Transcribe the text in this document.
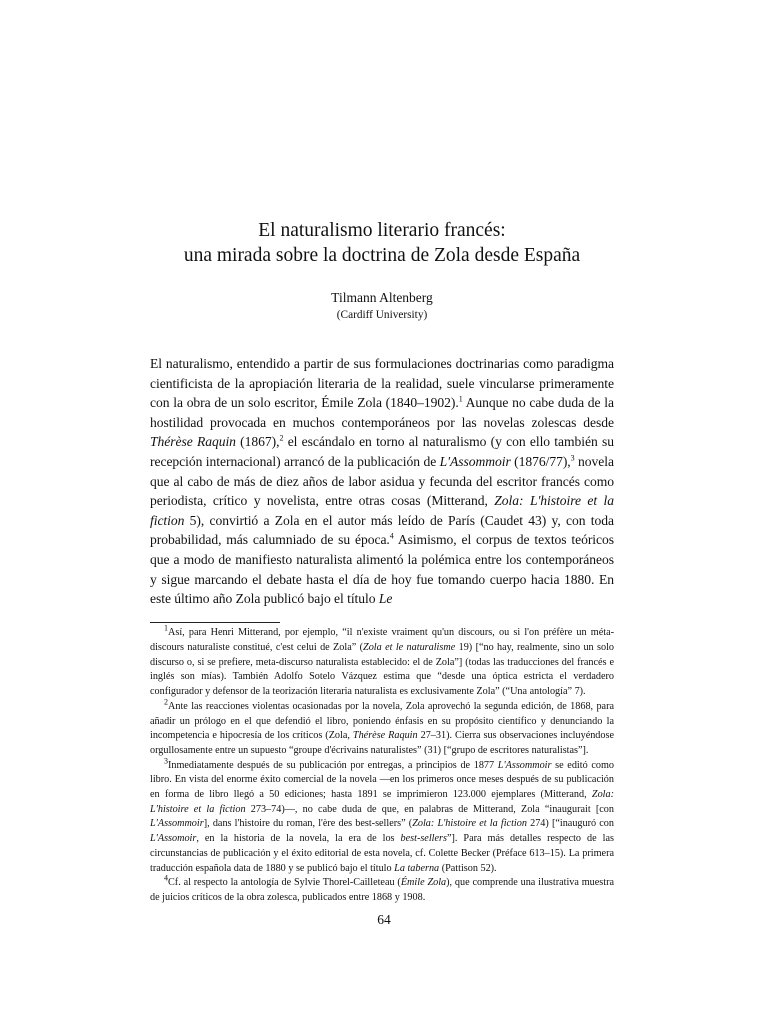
El naturalismo literario francés:
una mirada sobre la doctrina de Zola desde España
Tilmann Altenberg
(Cardiff University)

El naturalismo, entendido a partir de sus formulaciones doctrinarias como paradigma cientificista de la apropiación literaria de la realidad, suele vincularse primeramente con la obra de un solo escritor, Émile Zola (1840–1902).$^1$ Aunque no cabe duda de la hostilidad provocada en muchos contemporáneos por las novelas zolescas desde Thérèse Raquin (1867),$^2$ el escándalo en torno al naturalismo (y con ello también su recepción internacional) arrancó de la publicación de L'Assommoir (1876/77),$^3$ novela que al cabo de más de diez años de labor asidua y fecunda del escritor francés como periodista, crítico y novelista, entre otras cosas (Mitterand, Zola: L'histoire et la fiction 5), convirtió a Zola en el autor más leído de París (Caudet 43) y, con toda probabilidad, más calumniado de su época.$^4$ Asimismo, el corpus de textos teóricos que a modo de manifiesto naturalista alimentó la polémica entre los contemporáneos y sigue marcando el debate hasta el día de hoy fue tomando cuerpo hacia 1880. En este último año Zola publicó bajo el título Le

$^1$Así, para Henri Mitterand, por ejemplo, “il n'existe vraiment qu'un discours, ou si l'on préfère un méta-discours naturaliste constitué, c'est celui de Zola” (Zola et le naturalisme 19) [“no hay, realmente, sino un solo discurso o, si se prefiere, meta-discurso naturalista establecido: el de Zola”] (todas las traducciones del francés e inglés son mías). También Adolfo Sotelo Vázquez estima que “desde una óptica estricta el verdadero configurador y defensor de la teorización literaria naturalista es exclusivamente Zola” (“Una antología” 7).

$^2$Ante las reacciones violentas ocasionadas por la novela, Zola aprovechó la segunda edición, de 1868, para añadir un prólogo en el que defendió el libro, poniendo énfasis en su propósito científico y denunciando la incompetencia e hipocresía de los críticos (Zola, Thérèse Raquin 27–31). Cierra sus observaciones incluyéndose orgullosamente entre un supuesto “groupe d'écrivains naturalistes” (31) [“grupo de escritores naturalistas”].

$^3$Inmediatamente después de su publicación por entregas, a principios de 1877 L'Assommoir se editó como libro. En vista del enorme éxito comercial de la novela —en los primeros once meses después de su publicación en forma de libro llegó a 50 ediciones; hasta 1891 se imprimieron 123.000 ejemplares (Mitterand, Zola: L'histoire et la fiction 273–74)—, no cabe duda de que, en palabras de Mitterand, Zola “inaugurait [con L'Assommoir], dans l'histoire du roman, l'ère des best-sellers” (Zola: L'histoire et la fiction 274) [“inauguró con L'Assomoir, en la historia de la novela, la era de los best-sellers”]. Para más detalles respecto de las circunstancias de publicación y el éxito editorial de esta novela, cf. Colette Becker (Préface 613–15). La primera traducción española data de 1880 y se publicó bajo el título La taberna (Pattison 52).

$^4$Cf. al respecto la antología de Sylvie Thorel-Cailleteau (Émile Zola), que comprende una ilustrativa muestra de juicios críticos de la obra zolesca, publicados entre 1868 y 1908.

64
